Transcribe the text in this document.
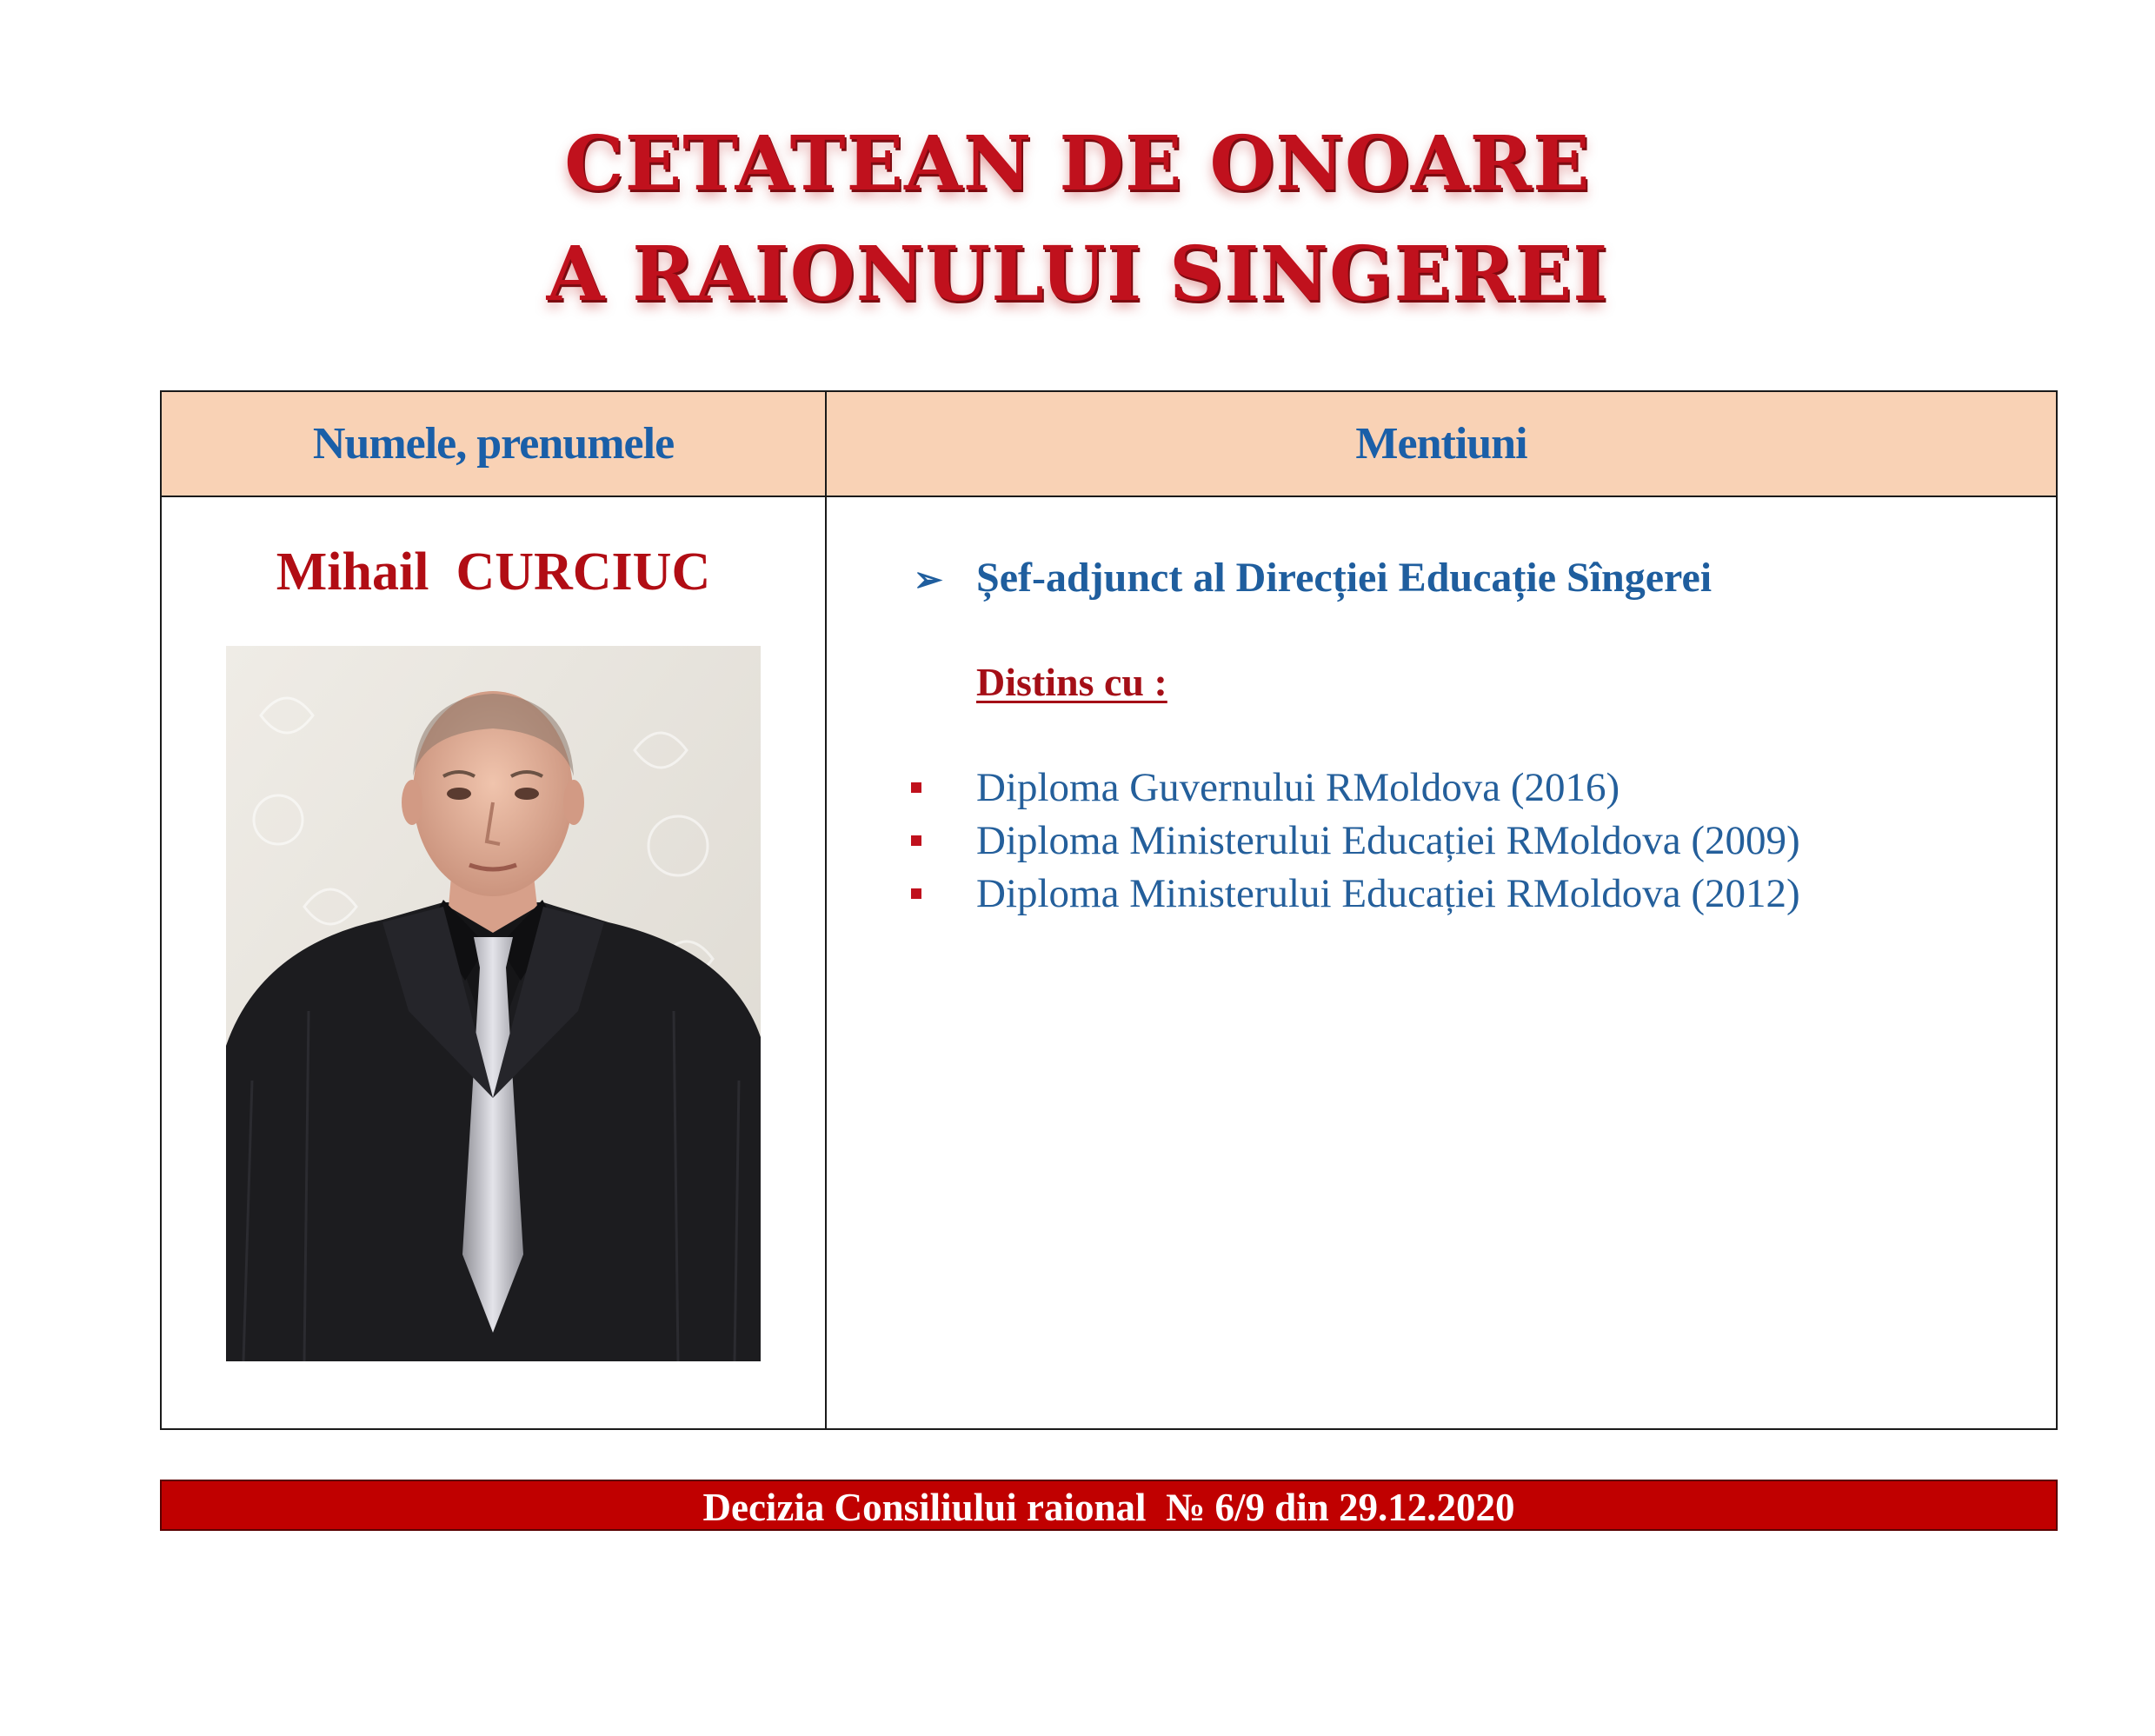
CETATEAN DE ONOARE
A RAIONULUI SINGEREI
Numele, prenumele	Mentiuni
Mihail  CURCIUC	➢ Șef-adjunct al Direcției Educație Sîngerei
Distins cu :
Diploma Guvernului RMoldova (2016)
Diploma Ministerului Educației RMoldova (2009)
Diploma Ministerului Educației RMoldova (2012)
Decizia Consiliului raional  № 6/9 din 29.12.2020
